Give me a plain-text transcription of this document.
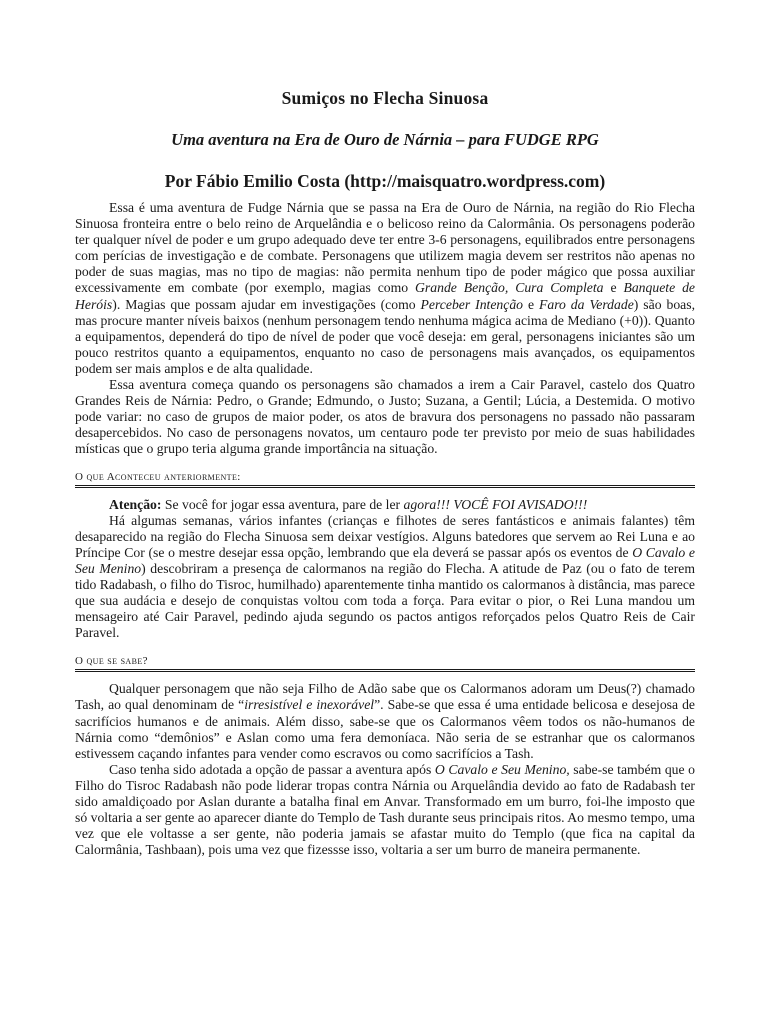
Sumiços no Flecha Sinuosa
Uma aventura na Era de Ouro de Nárnia – para FUDGE RPG
Por Fábio Emilio Costa (http://maisquatro.wordpress.com)

Essa é uma aventura de Fudge Nárnia que se passa na Era de Ouro de Nárnia, na região do Rio Flecha Sinuosa fronteira entre o belo reino de Arquelândia e o belicoso reino da Calormânia. Os personagens poderão ter qualquer nível de poder e um grupo adequado deve ter entre 3-6 personagens, equilibrados entre personagens com perícias de investigação e de combate. Personagens que utilizem magia devem ser restritos não apenas no poder de suas magias, mas no tipo de magias: não permita nenhum tipo de poder mágico que possa auxiliar excessivamente em combate (por exemplo, magias como Grande Benção, Cura Completa e Banquete de Heróis). Magias que possam ajudar em investigações (como Perceber Intenção e Faro da Verdade) são boas, mas procure manter níveis baixos (nenhum personagem tendo nenhuma mágica acima de Mediano (+0)). Quanto a equipamentos, dependerá do tipo de nível de poder que você deseja: em geral, personagens iniciantes são um pouco restritos quanto a equipamentos, enquanto no caso de personagens mais avançados, os equipamentos podem ser mais amplos e de alta qualidade.

Essa aventura começa quando os personagens são chamados a irem a Cair Paravel, castelo dos Quatro Grandes Reis de Nárnia: Pedro, o Grande; Edmundo, o Justo; Suzana, a Gentil; Lúcia, a Destemida. O motivo pode variar: no caso de grupos de maior poder, os atos de bravura dos personagens no passado não passaram desapercebidos. No caso de personagens novatos, um centauro pode ter previsto por meio de suas habilidades místicas que o grupo teria alguma grande importância na situação.

O que Aconteceu anteriormente:

Atenção: Se você for jogar essa aventura, pare de ler agora!!! VOCÊ FOI AVISADO!!!

Há algumas semanas, vários infantes (crianças e filhotes de seres fantásticos e animais falantes) têm desaparecido na região do Flecha Sinuosa sem deixar vestígios. Alguns batedores que servem ao Rei Luna e ao Príncipe Cor (se o mestre desejar essa opção, lembrando que ela deverá se passar após os eventos de O Cavalo e Seu Menino) descobriram a presença de calormanos na região do Flecha. A atitude de Paz (ou o fato de terem tido Radabash, o filho do Tisroc, humilhado) aparentemente tinha mantido os calormanos à distância, mas parece que sua audácia e desejo de conquistas voltou com toda a força. Para evitar o pior, o Rei Luna mandou um mensageiro até Cair Paravel, pedindo ajuda segundo os pactos antigos reforçados pelos Quatro Reis de Cair Paravel.

O que se sabe?

Qualquer personagem que não seja Filho de Adão sabe que os Calormanos adoram um Deus(?) chamado Tash, ao qual denominam de “irresistível e inexorável”. Sabe-se que essa é uma entidade belicosa e desejosa de sacrifícios humanos e de animais. Além disso, sabe-se que os Calormanos vêem todos os não-humanos de Nárnia como “demônios” e Aslan como uma fera demoníaca. Não seria de se estranhar que os calormanos estivessem caçando infantes para vender como escravos ou como sacrifícios a Tash.

Caso tenha sido adotada a opção de passar a aventura após O Cavalo e Seu Menino, sabe-se também que o Filho do Tisroc Radabash não pode liderar tropas contra Nárnia ou Arquelândia devido ao fato de Radabash ter sido amaldiçoado por Aslan durante a batalha final em Anvar. Transformado em um burro, foi-lhe imposto que só voltaria a ser gente ao aparecer diante do Templo de Tash durante seus principais ritos. Ao mesmo tempo, uma vez que ele voltasse a ser gente, não poderia jamais se afastar muito do Templo (que fica na capital da Calormânia, Tashbaan), pois uma vez que fizessse isso, voltaria a ser um burro de maneira permanente.
